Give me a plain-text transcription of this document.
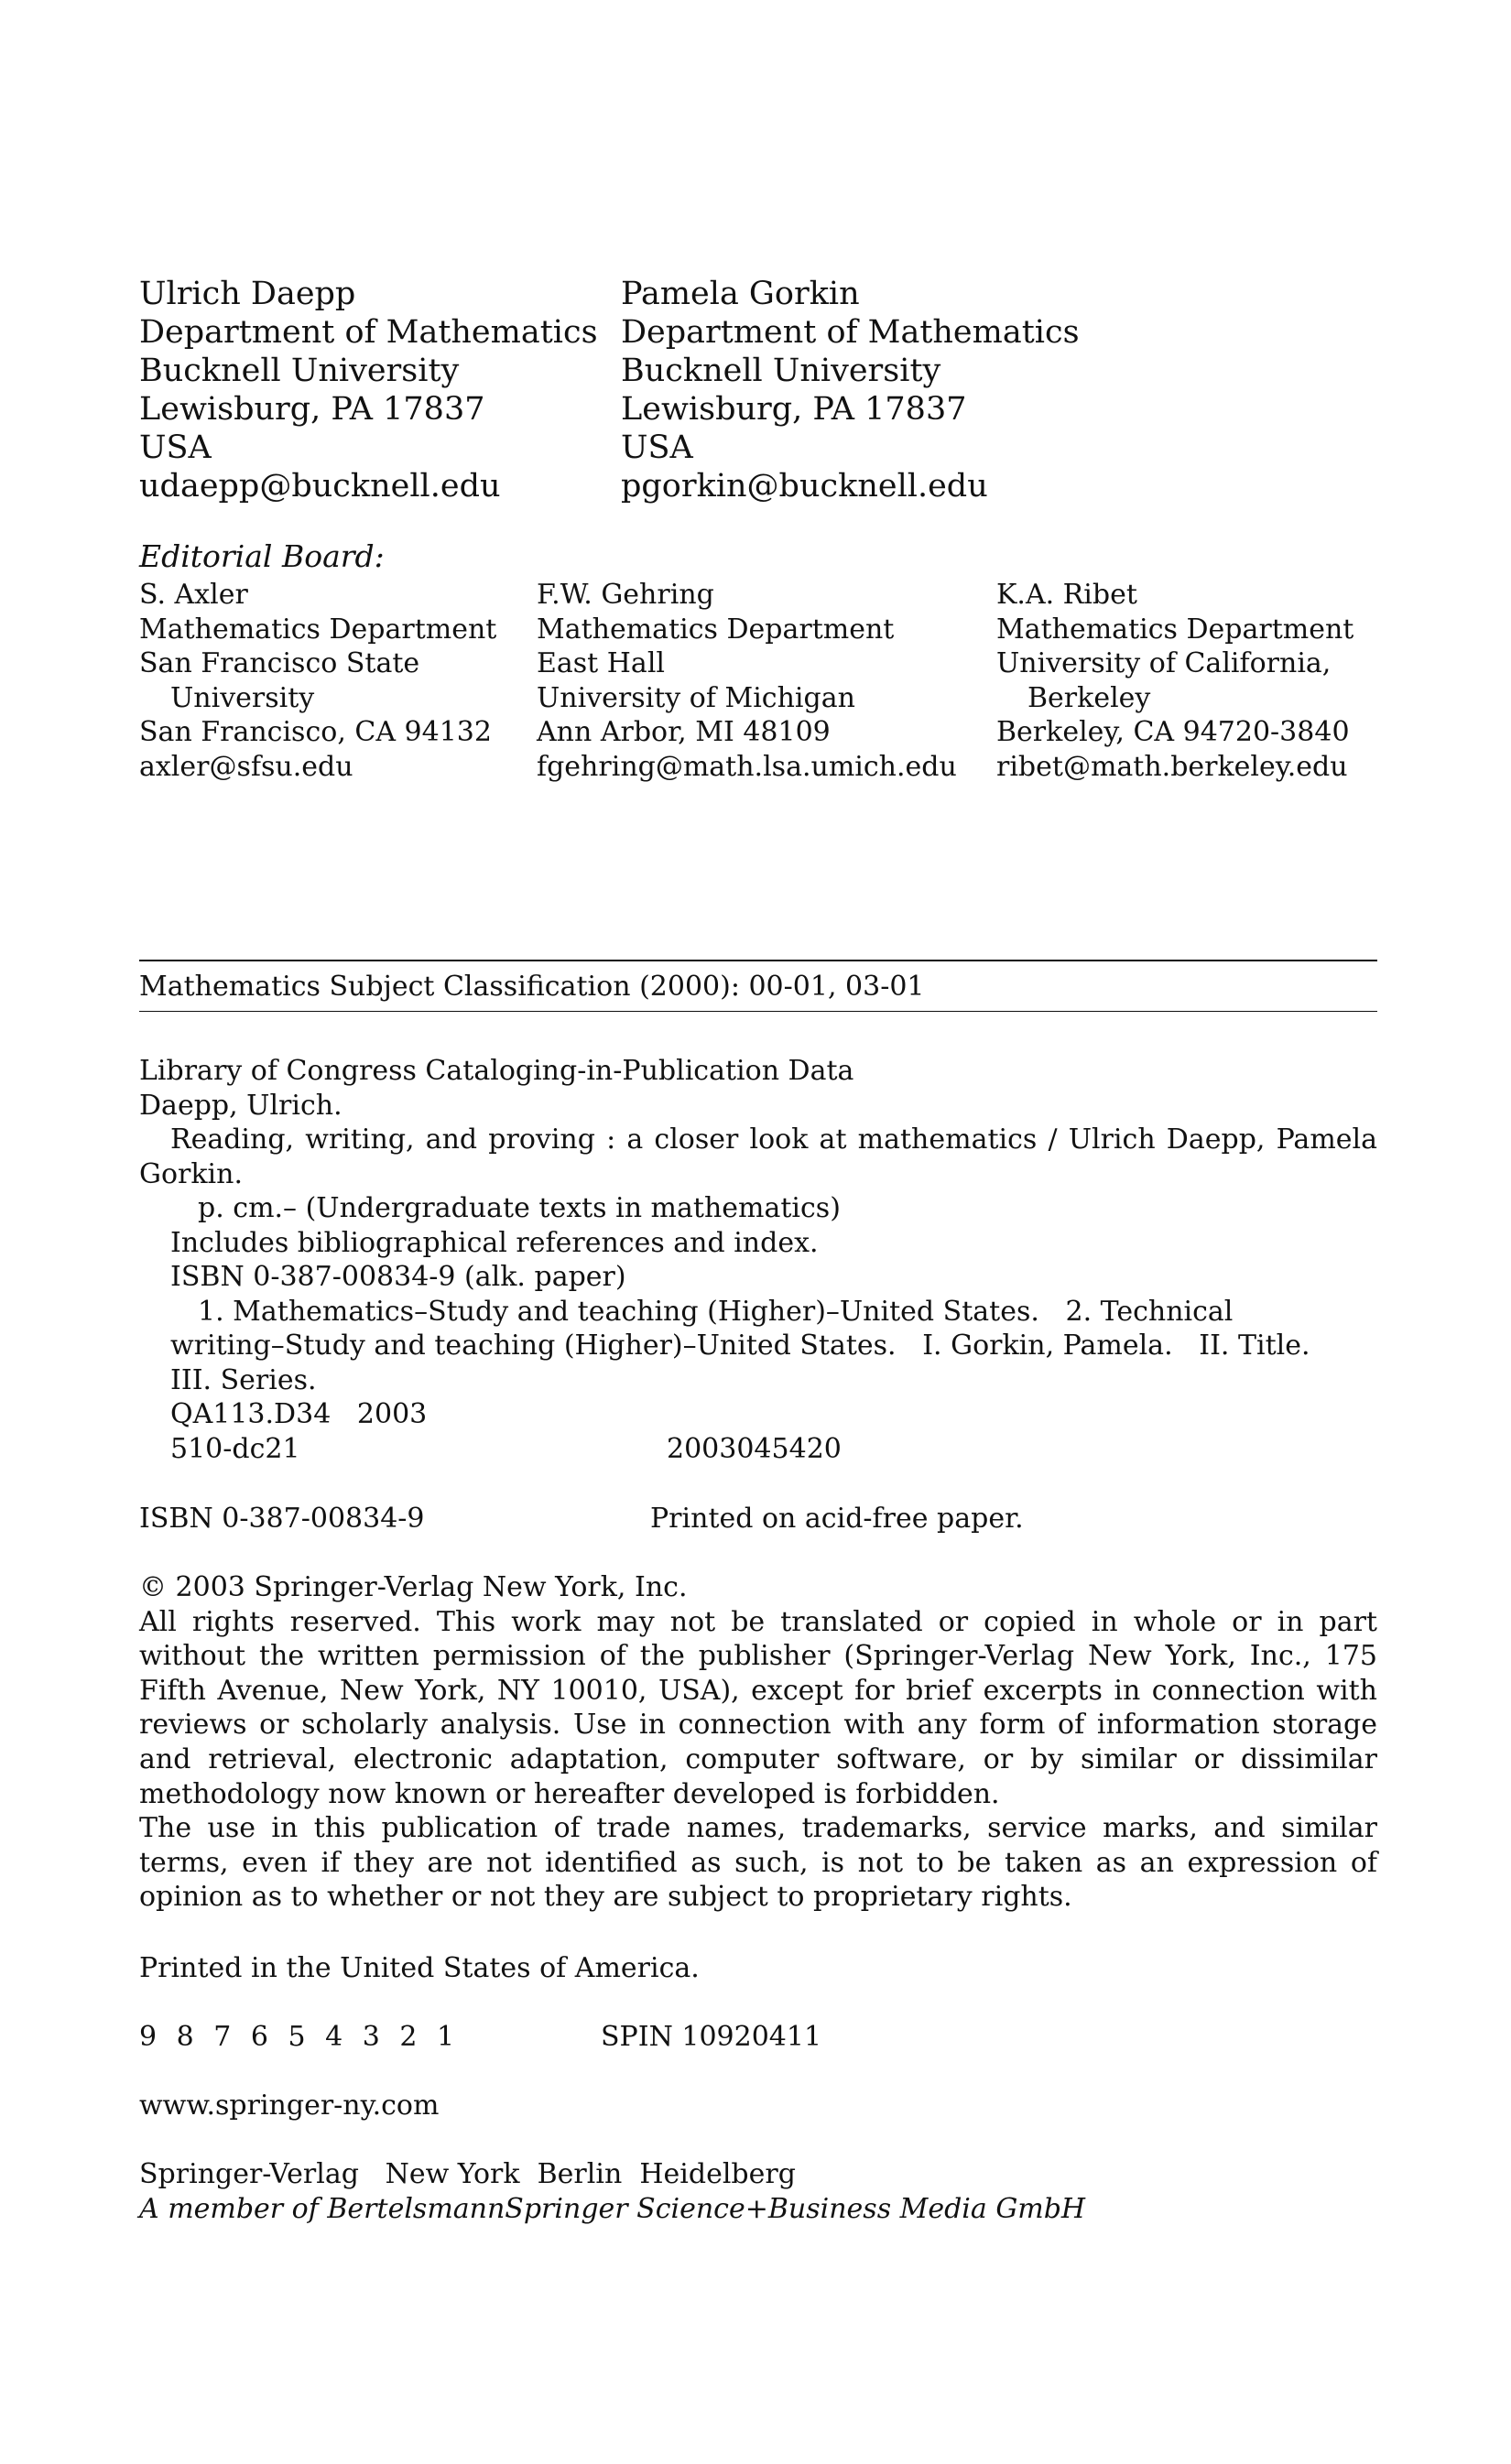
Ulrich Daepp
Department of Mathematics
Bucknell University
Lewisburg, PA 17837
USA
udaepp@bucknell.edu
Pamela Gorkin
Department of Mathematics
Bucknell University
Lewisburg, PA 17837
USA
pgorkin@bucknell.edu
Editorial Board:
S. Axler
Mathematics Department
San Francisco State
University
San Francisco, CA 94132
axler@sfsu.edu
F.W. Gehring
Mathematics Department
East Hall
University of Michigan
Ann Arbor, MI 48109
fgehring@math.lsa.umich.edu
K.A. Ribet
Mathematics Department
University of California,
Berkeley
Berkeley, CA 94720-3840
ribet@math.berkeley.edu
Mathematics Subject Classification (2000): 00-01, 03-01
Library of Congress Cataloging-in-Publication Data
Daepp, Ulrich.
Reading, writing, and proving : a closer look at mathematics / Ulrich Daepp, Pamela
Gorkin.
p. cm.– (Undergraduate texts in mathematics)
Includes bibliographical references and index.
ISBN 0-387-00834-9 (alk. paper)
1. Mathematics–Study and teaching (Higher)–United States.   2. Technical
writing–Study and teaching (Higher)–United States.   I. Gorkin, Pamela.   II. Title.
III. Series.
QA113.D34   2003
510-dc21	2003045420
ISBN 0-387-00834-9	Printed on acid-free paper.

© 2003 Springer-Verlag New York, Inc.

All rights reserved. This work may not be translated or copied in whole or in part without the written permission of the publisher (Springer-Verlag New York, Inc., 175 Fifth Avenue, New York, NY 10010, USA), except for brief excerpts in connection with reviews or scholarly analysis. Use in connection with any form of information storage and retrieval, electronic adaptation, computer software, or by similar or dissimilar methodology now known or hereafter developed is forbidden.

The use in this publication of trade names, trademarks, service marks, and similar terms, even if they are not identified as such, is not to be taken as an expression of opinion as to whether or not they are subject to proprietary rights.

Printed in the United States of America.
9 8 7 6 5 4 3 2 1	SPIN 10920411
www.springer-ny.com
Springer-Verlag   New York  Berlin  Heidelberg
A member of BertelsmannSpringer Science+Business Media GmbH
